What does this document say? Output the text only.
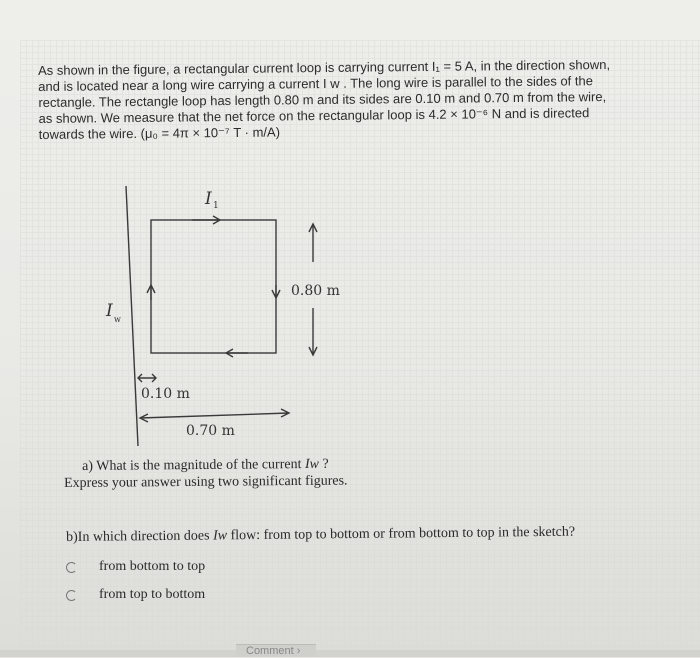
As shown in the figure, a rectangular current loop is carrying current I₁ = 5 A, in the direction shown,

and is located near a long wire carrying a current I w . The long wire is parallel to the sides of the

rectangle. The rectangle loop has length 0.80 m and its sides are 0.10 m and 0.70 m from the wire,

as shown. We measure that the net force on the rectangular loop is 4.2 × 10⁻⁶ N and is directed

towards the wire. (μ₀ = 4π × 10⁻⁷ T · m/A)

I 1
I w
0.80 m
0.10 m
0.70 m
a) What is the magnitude of the current Iw ?
Express your answer using two significant figures.
b)In which direction does Iw flow: from top to bottom or from bottom to top in the sketch?
from bottom to top
from top to bottom
Comment ›
